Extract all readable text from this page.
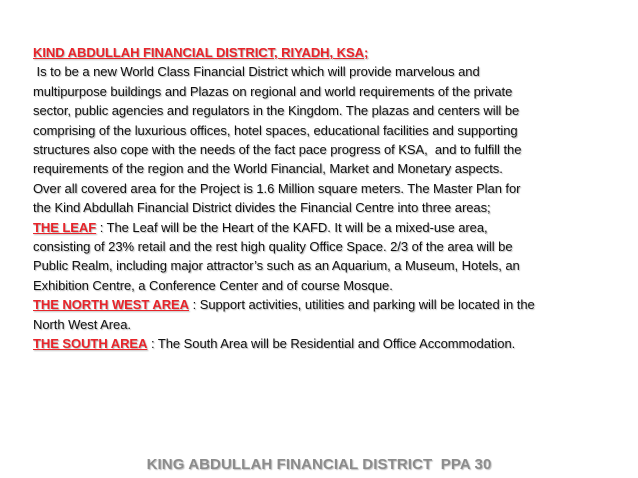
KIND ABDULLAH FINANCIAL DISTRICT, RIYADH, KSA;
Is to be a new World Class Financial District which will provide marvelous and
multipurpose buildings and Plazas on regional and world requirements of the private
sector, public agencies and regulators in the Kingdom. The plazas and centers will be
comprising of the luxurious offices, hotel spaces, educational facilities and supporting
structures also cope with the needs of the fact pace progress of KSA,  and to fulfill the
requirements of the region and the World Financial, Market and Monetary aspects.
Over all covered area for the Project is 1.6 Million square meters. The Master Plan for
the Kind Abdullah Financial District divides the Financial Centre into three areas;
THE LEAF : The Leaf will be the Heart of the KAFD. It will be a mixed-use area,
consisting of 23% retail and the rest high quality Office Space. 2/3 of the area will be
Public Realm, including major attractor’s such as an Aquarium, a Museum, Hotels, an
Exhibition Centre, a Conference Center and of course Mosque.
THE NORTH WEST AREA : Support activities, utilities and parking will be located in the
North West Area.
THE SOUTH AREA : The South Area will be Residential and Office Accommodation.
KING ABDULLAH FINANCIAL DISTRICT  PPA 30
